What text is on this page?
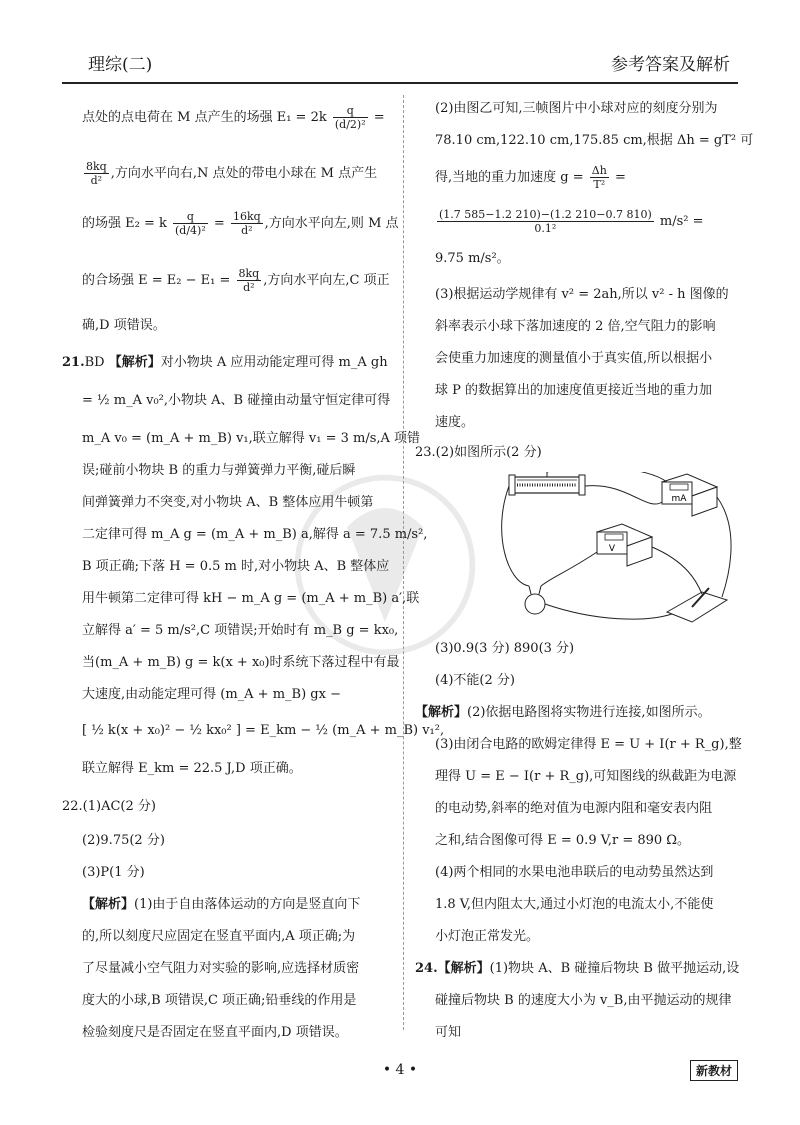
理综(二)	参考答案及解析
点处的点电荷在 M 点产生的场强 $E_1 = 2k \frac{q}{\text{(d/2)²}}$ =
$\frac{8kq}{\text{d²}}$ ,方向水平向右,N 点处的带电小球在 M 点产生
的场强 E₂ = k $\frac{q}{\text{(d/4)²}} = \frac{16kq}{\text{d²}}$ ,方向水平向左,则 M 点
的合场强 $E = E_2 - E_1 = \frac{8kq}{\text{d²}}$ ,方向水平向左,C 项正
确,D 项错误。
21.BD 【解析】对小物块 A 应用动能定理可得 m_A gh
= ½ m_A v₀²,小物块 A、B 碰撞由动量守恒定律可得
m_A v₀ = (m_A + m_B) v₁,联立解得 v₁ = 3 m/s,A 项错
误;碰前小物块 B 的重力与弹簧弹力平衡,碰后瞬
间弹簧弹力不突变,对小物块 A、B 整体应用牛顿第
二定律可得 m_A g = (m_A + m_B) a,解得 a = 7.5 m/s²,
B 项正确;下落 H = 0.5 m 时,对小物块 A、B 整体应
用牛顿第二定律可得 kH − m_A g = (m_A + m_B) a′,联
立解得 a′ = 5 m/s²,C 项错误;开始时有 m_B g = kx₀,
当(m_A + m_B) g = k(x + x₀)时系统下落过程中有最
大速度,由动能定理可得 (m_A + m_B) gx −
[ ½ k(x + x₀)² − ½ kx₀² ] = E_km − ½ (m_A + m_B) v₁²,
联立解得 E_km = 22.5 J,D 项正确。
22.(1)AC(2 分)
(2)9.75(2 分)
(3)P(1 分)
【解析】(1)由于自由落体运动的方向是竖直向下
的,所以刻度尺应固定在竖直平面内,A 项正确;为
了尽量减小空气阻力对实验的影响,应选择材质密
度大的小球,B 项错误,C 项正确;铅垂线的作用是
检验刻度尺是否固定在竖直平面内,D 项错误。
(2)由图乙可知,三帧图片中小球对应的刻度分别为
78.10 cm,122.10 cm,175.85 cm,根据 Δh = gT² 可
得,当地的重力加速度 $g = \frac{\Delta h}{\text{T²}}$ =
$\frac{(1.7 585-1.2 210)-(1.2 210-0.7 810)}{\text{0.1²}} m/s^2$ =
9.75 m/s²。
(3)根据运动学规律有 v² = 2ah,所以 v² - h 图像的
斜率表示小球下落加速度的 2 倍,空气阻力的影响
会使重力加速度的测量值小于真实值,所以根据小
球 P 的数据算出的加速度值更接近当地的重力加
速度。
23.(2)如图所示(2 分)
mA
V
(3)0.9(3 分) 890(3 分)
(4)不能(2 分)
【解析】(2)依据电路图将实物进行连接,如图所示。
(3)由闭合电路的欧姆定律得 E = U + I(r + R_g),整
理得 U = E − I(r + R_g),可知图线的纵截距为电源
的电动势,斜率的绝对值为电源内阻和毫安表内阻
之和,结合图像可得 E = 0.9 V,r = 890 Ω。
(4)两个相同的水果电池串联后的电动势虽然达到
1.8 V,但内阻太大,通过小灯泡的电流太小,不能使
小灯泡正常发光。
24.【解析】(1)物块 A、B 碰撞后物块 B 做平抛运动,设
碰撞后物块 B 的速度大小为 v_B,由平抛运动的规律
可知
• 4 •	新教材
